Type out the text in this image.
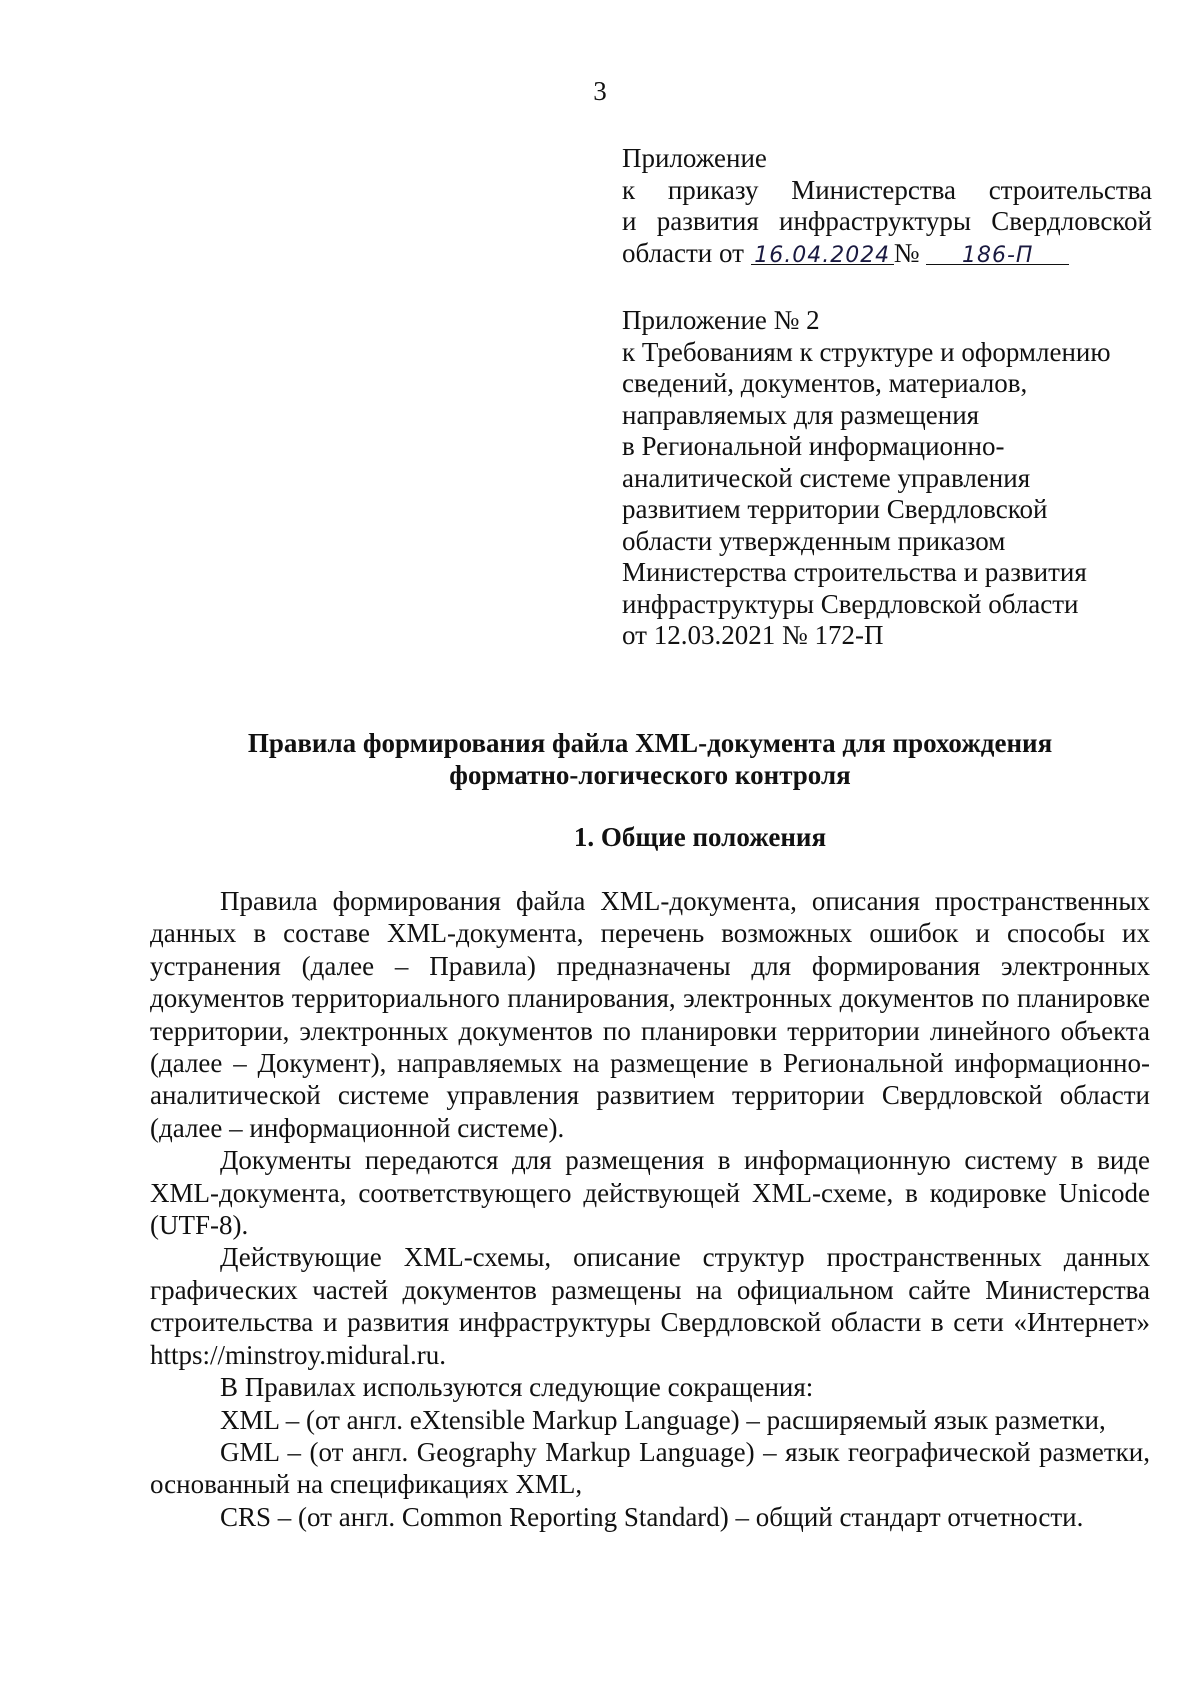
3
Приложение
к приказу Министерства строительства
и развития инфраструктуры Свердловской
области от 16.04.2024 № 186-П
Приложение № 2
к Требованиям к структуре и оформлению
сведений, документов, материалов,
направляемых для размещения
в Региональной информационно-
аналитической системе управления
развитием территории Свердловской
области утвержденным приказом
Министерства строительства и развития
инфраструктуры Свердловской области
от 12.03.2021 № 172-П
Правила формирования файла XML-документа для прохождения
форматно-логического контроля
1. Общие положения

Правила формирования файла XML-документа, описания пространственных данных в составе XML-документа, перечень возможных ошибок и способы их устранения (далее – Правила) предназначены для формирования электронных документов территориального планирования, электронных документов по планировке территории, электронных документов по планировки территории линейного объекта (далее – Документ), направляемых на размещение в Региональной информационно-аналитической системе управления развитием территории Свердловской области (далее – информационной системе).

Документы передаются для размещения в информационную систему в виде XML-документа, соответствующего действующей XML-схеме, в кодировке Unicode (UTF-8).

Действующие XML-схемы, описание структур пространственных данных графических частей документов размещены на официальном сайте Министерства строительства и развития инфраструктуры Свердловской области в сети «Интернет» https://minstroy.midural.ru.

В Правилах используются следующие сокращения:

XML – (от англ. eXtensible Markup Language) – расширяемый язык разметки,

GML – (от англ. Geography Markup Language) – язык географической разметки, основанный на спецификациях XML,

CRS – (от англ. Common Reporting Standard) – общий стандарт отчетности.
